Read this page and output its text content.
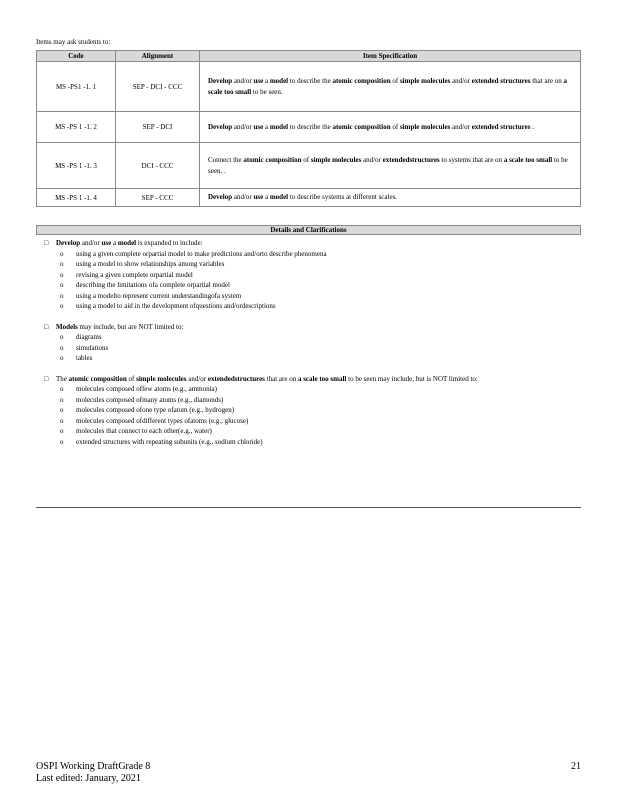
Items may ask students to:
Code	Alignment	Item Specification
MS -PS1 -1. 1	SEP - DCI - CCC	Develop and/or use a model to describe the atomic composition of simple molecules and/or extended structures that are on a scale too small to be seen.
MS -PS 1 -1. 2	SEP - DCI	Develop and/or use a model to describe the atomic composition of simple molecules and/or extended structures .
MS -PS 1 -1. 3	DCI - CCC	Connect the atomic composition of simple molecules and/or extendedstructures to systems that are on a scale too small to be seen. .
MS -PS 1 -1. 4	SEP - CCC	Develop and/or use a model to describe systems at different scales.
Details and Clarifications
□ Develop and/or use a model is expanded to include:
o using a given complete orpartial model to make predictions and/orto describe phenomena
o using a model to show relationships among variables
o revising a given complete orpartial model
o describing the limitations ofa complete orpartial model
o using a modelto represent current understandingofa system
o using a model to aid in the development ofquestions and/ordescriptions
□ Models may include, but are NOT limited to:
o diagrams
o simulations
o tables
□ The atomic composition of simple molecules and/or extendedstructures that are on a scale too small to be seen may include, but is NOT limited to:
o molecules composed offew atoms (e.g., ammonia)
o molecules composed ofmany atoms (e.g., diamonds)
o molecules composed ofone type ofatom (e.g., hydrogen)
o molecules composed ofdifferent types ofatoms (e.g., glucose)
o molecules that connect to each other(e.g., water)
o extended structures with repeating subunits (e.g., sodium chloride)
OSPI Working DraftGrade 8
Last edited: January, 2021
21
